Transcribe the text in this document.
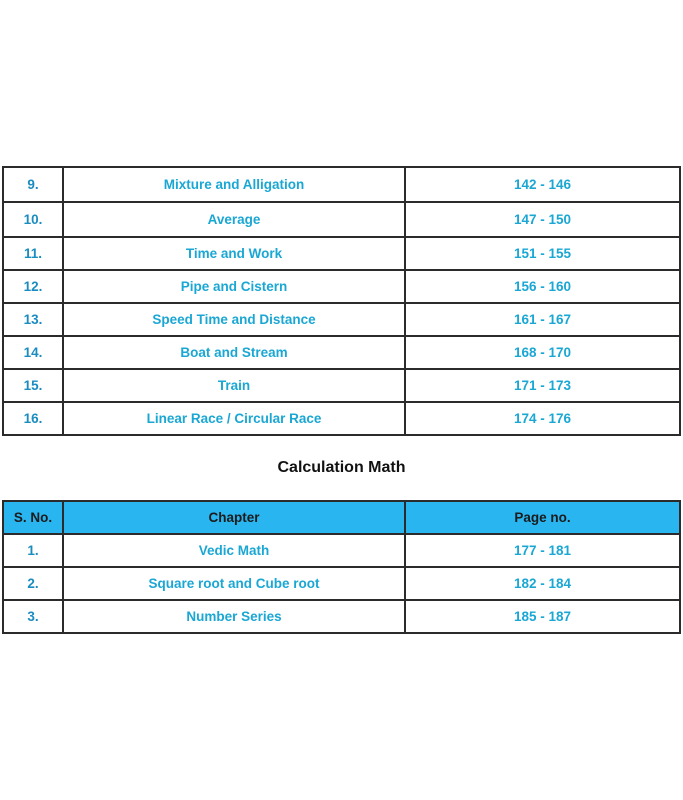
9.	Mixture and Alligation	142 - 146
10.	Average	147 - 150
11.	Time and Work	151 - 155
12.	Pipe and Cistern	156 - 160
13.	Speed Time and Distance	161 - 167
14.	Boat and Stream	168 - 170
15.	Train	171 - 173
16.	Linear Race / Circular Race	174 - 176
Calculation Math
S. No.	Chapter	Page no.
1.	Vedic Math	177 - 181
2.	Square root and Cube root	182 - 184
3.	Number Series	185 - 187
